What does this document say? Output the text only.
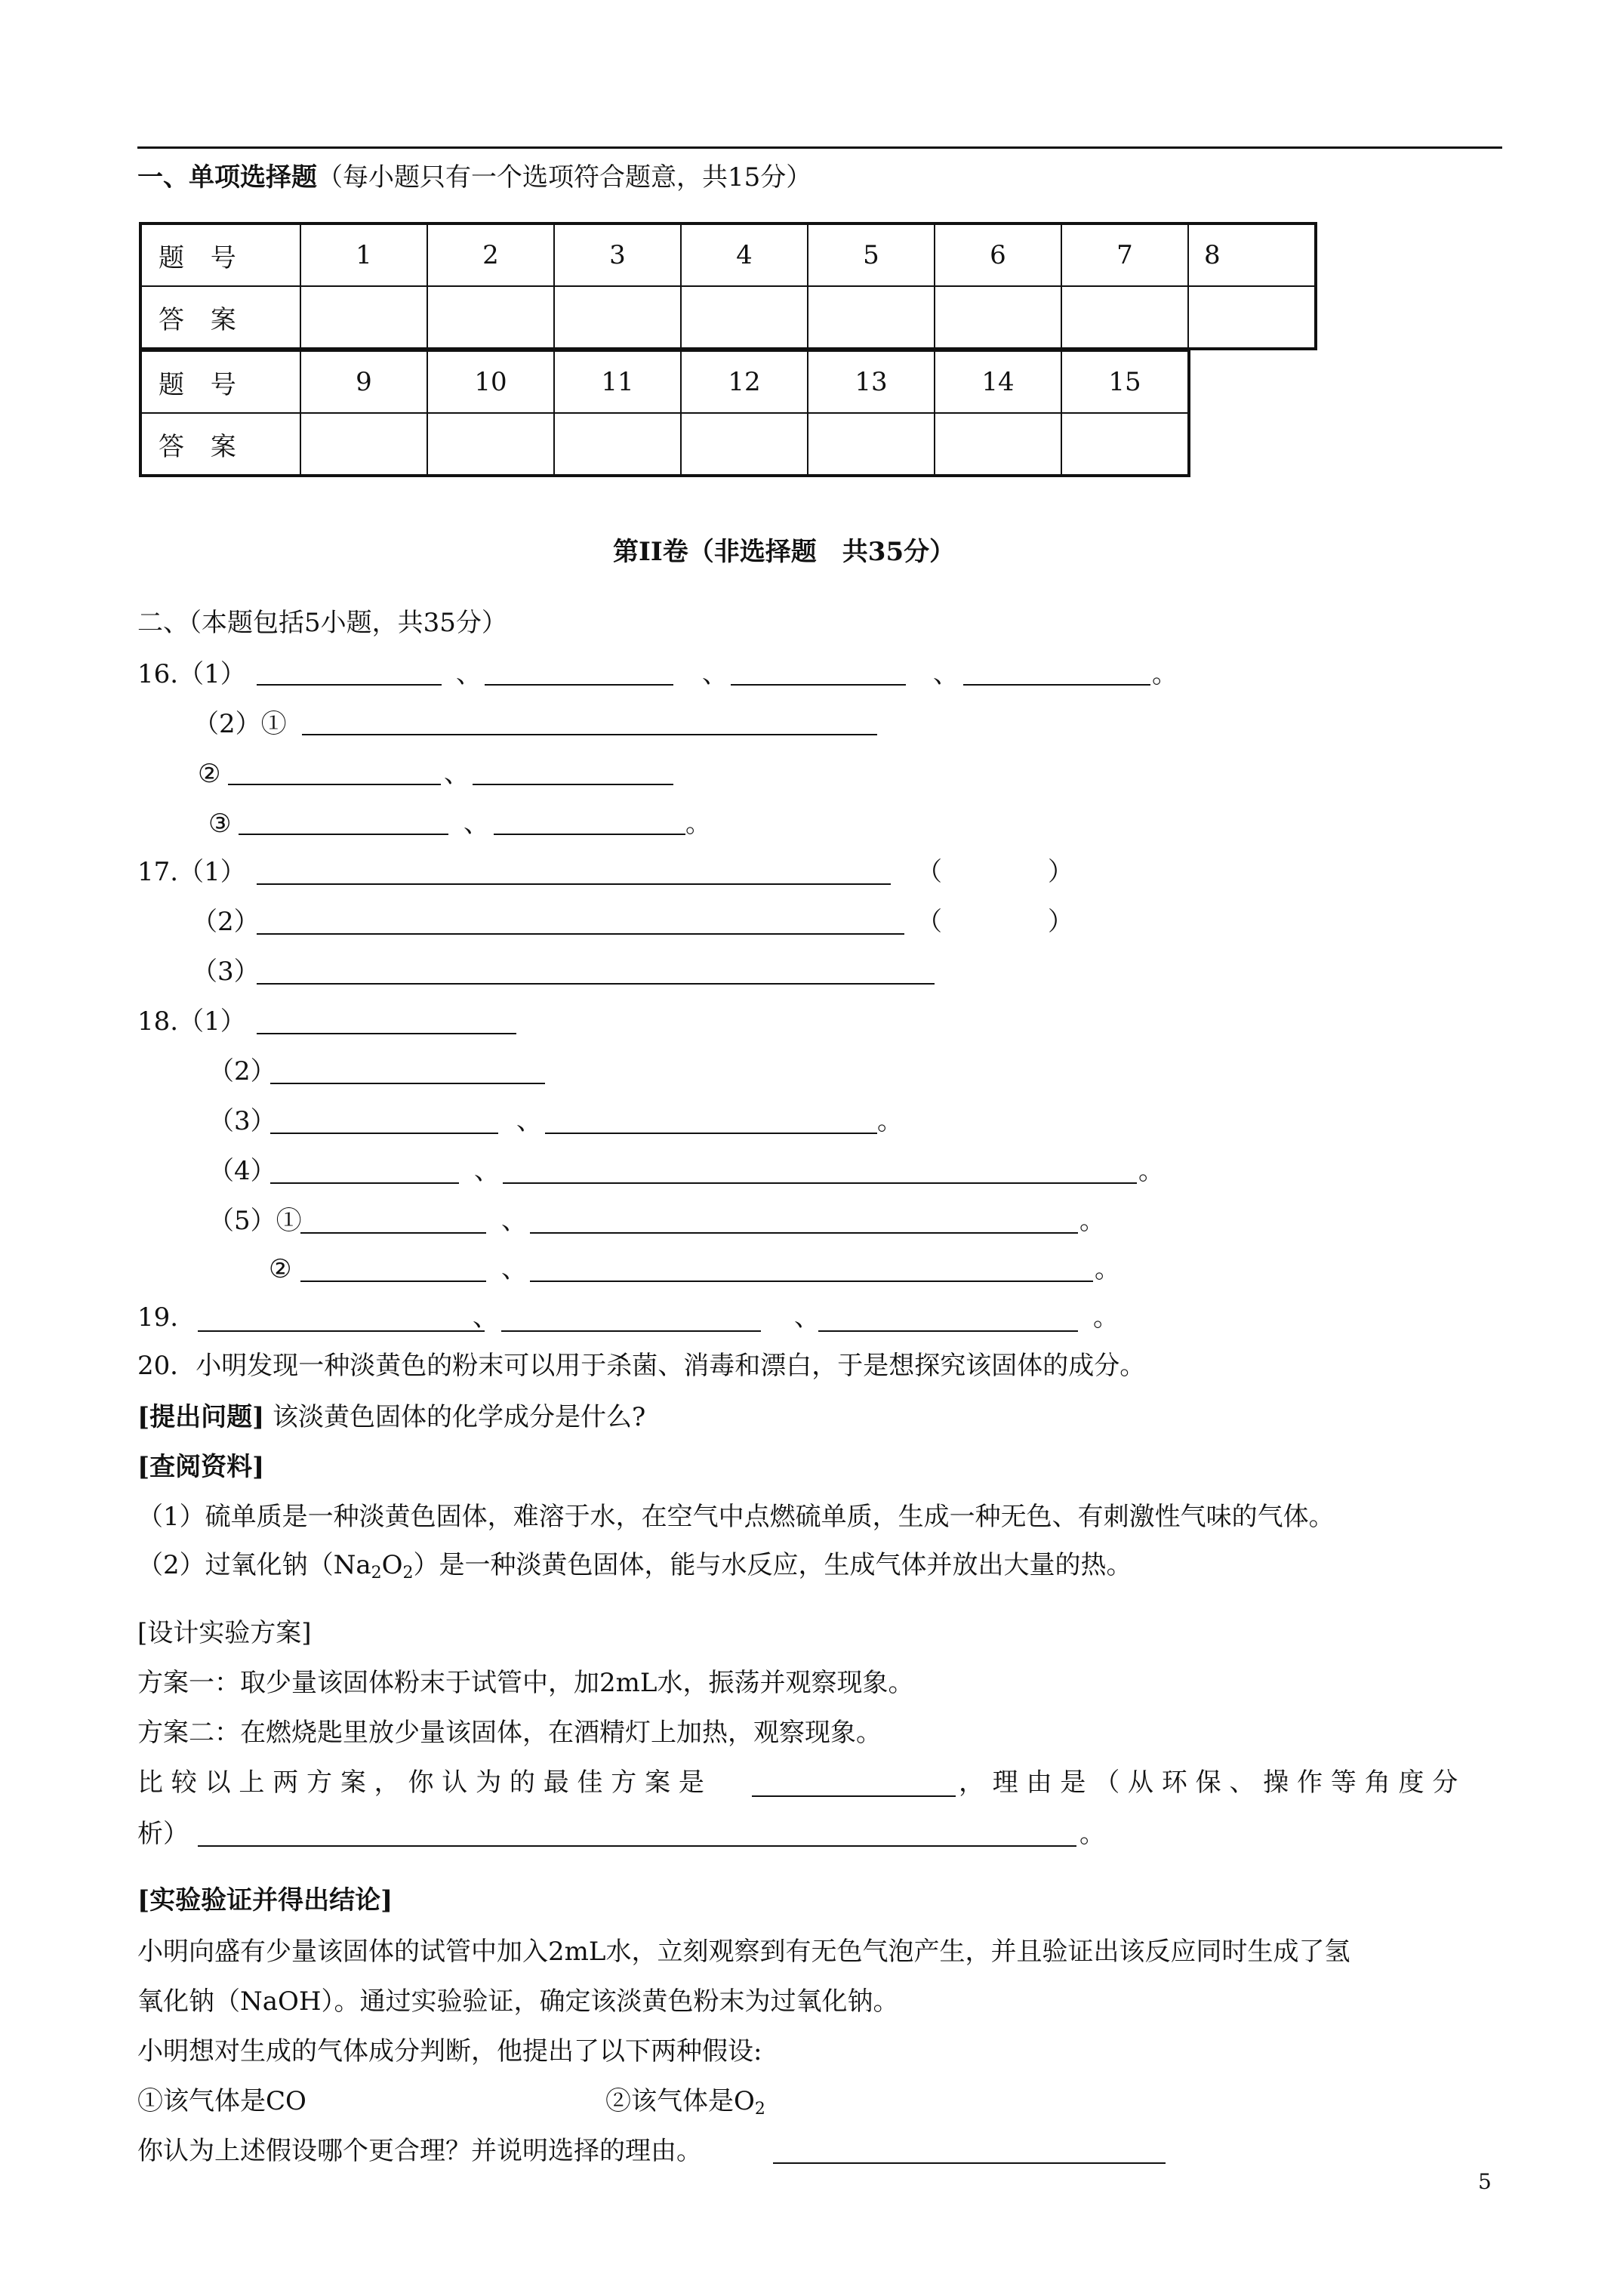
一、单项选择题（每小题只有一个选项符合题意，共15分）
题 号	1	2	3	4	5	6	7	8
答 案								
题 号	9	10	11	12	13	14	15
答 案							
第II卷（非选择题　共35分）
二、（本题包括5小题，共35分）
16.（1）	、	、	、	。
（2）①
②	、
③	、	。
17.（1）	（	）
（2）	（	）
（3）
18.（1）
（2）
（3）	、	。
（4）	、	。
（5）①	、	。
②	、	。
19.	、	、	。
20．小明发现一种淡黄色的粉末可以用于杀菌、消毒和漂白，于是想探究该固体的成分。
[提出问题] 该淡黄色固体的化学成分是什么?
[查阅资料]
（1）硫单质是一种淡黄色固体，难溶于水，在空气中点燃硫单质，生成一种无色、有刺激性气味的气体。
（2）过氧化钠$(Na_2O_2)$是一种淡黄色固体，能与水反应，生成气体并放出大量的热。
[设计实验方案]
方案一：取少量该固体粉末于试管中，加2mL水，振荡并观察现象。
方案二：在燃烧匙里放少量该固体，在酒精灯上加热，观察现象。
比 较 以 上 两 方 案 ， 你 认 为 的 最 佳 方 案 是	， 理 由 是 （ 从 环 保 、 操 作 等 角 度 分
析）	。
[实验验证并得出结论]
小明向盛有少量该固体的试管中加入2mL水，立刻观察到有无色气泡产生，并且验证出该反应同时生成了氢
氧化钠（NaOH）。通过实验验证，确定该淡黄色粉末为过氧化钠。
小明想对生成的气体成分判断，他提出了以下两种假设:
①该气体是CO	②该气体是$O_2$
你认为上述假设哪个更合理？并说明选择的理由。
5
